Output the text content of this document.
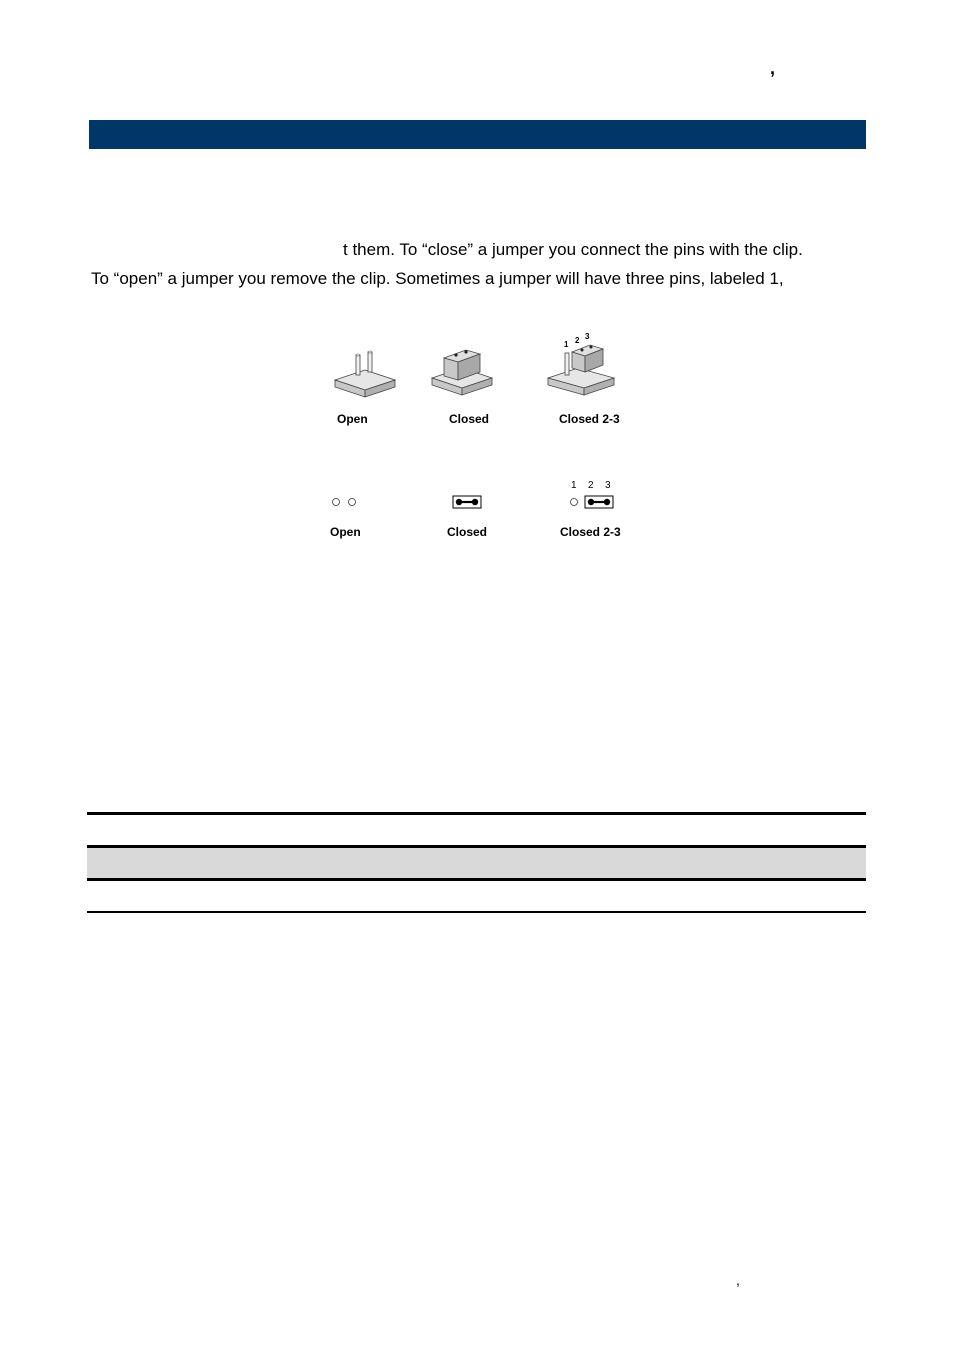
,
t them. To “close” a jumper you connect the pins with the clip.
To “open” a jumper you remove the clip. Sometimes a jumper will have three pins, labeled 1,
1 2 3
Open	Closed	Closed 2-3
1 2 3
Open	Closed	Closed 2-3
,
